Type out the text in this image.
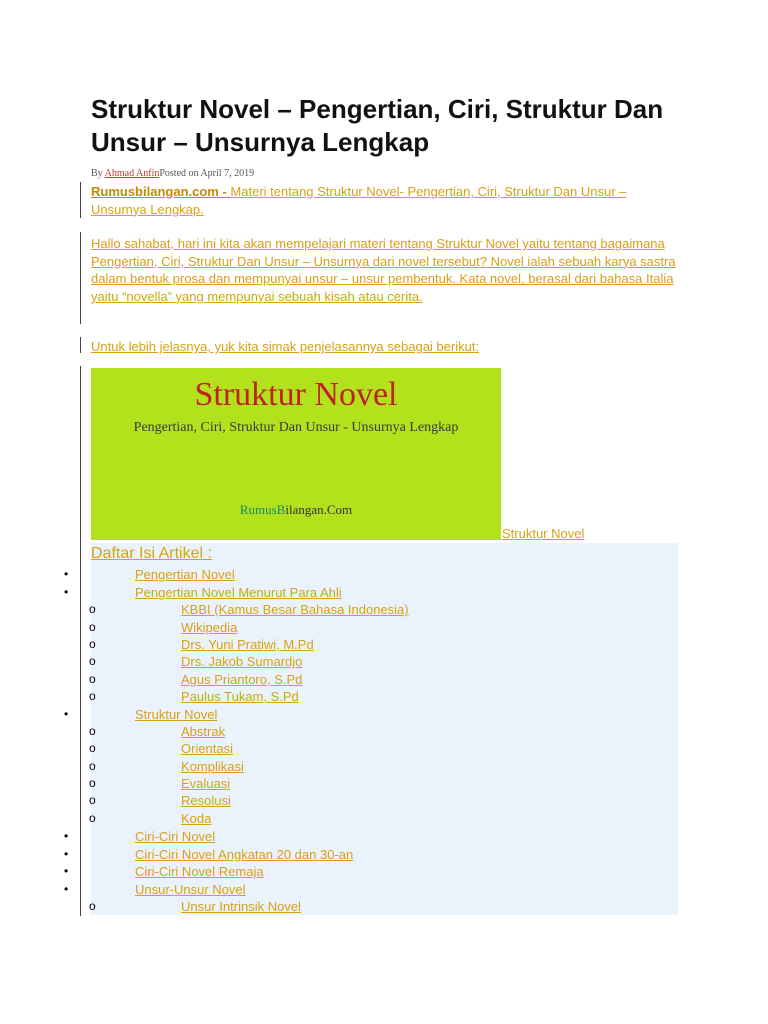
Struktur Novel – Pengertian, Ciri, Struktur Dan Unsur – Unsurnya Lengkap
By Ahmad AnfinPosted on April 7, 2019

Rumusbilangan.com - Materi tentang Struktur Novel- Pengertian, Ciri, Struktur Dan Unsur – Unsurnya Lengkap.

Hallo sahabat, hari ini kita akan mempelajari materi tentang Struktur Novel yaitu tentang bagaimana Pengertian, Ciri, Struktur Dan Unsur – Unsurnya dari novel tersebut? Novel ialah sebuah karya sastra dalam bentuk prosa dan mempunyai unsur – unsur pembentuk. Kata novel, berasal dari bahasa Italia yaitu “novella” yang mempunyai sebuah kisah atau cerita.

Untuk lebih jelasnya, yuk kita simak penjelasannya sebagai berikut:

Struktur Novel
Pengertian, Ciri, Struktur Dan Unsur - Unsurnya Lengkap
RumusBilangan.Com
Struktur Novel
Daftar Isi Artikel :
•
•
•
•
•
•
•
o
o
o
o
o
o
o
o
o
o
o
o
o
Pengertian Novel
Pengertian Novel Menurut Para Ahli
KBBI (Kamus Besar Bahasa Indonesia)
Wikipedia
Drs. Yuni Pratiwi, M.Pd
Drs. Jakob Sumardjo
Agus Priantoro, S.Pd
Paulus Tukam, S.Pd
Struktur Novel
Abstrak
Orientasi
Komplikasi
Evaluasi
Resolusi
Koda
Ciri-Ciri Novel
Ciri-Ciri Novel Angkatan 20 dan 30-an
Ciri-Ciri Novel Remaja
Unsur-Unsur Novel
Unsur Intrinsik Novel
